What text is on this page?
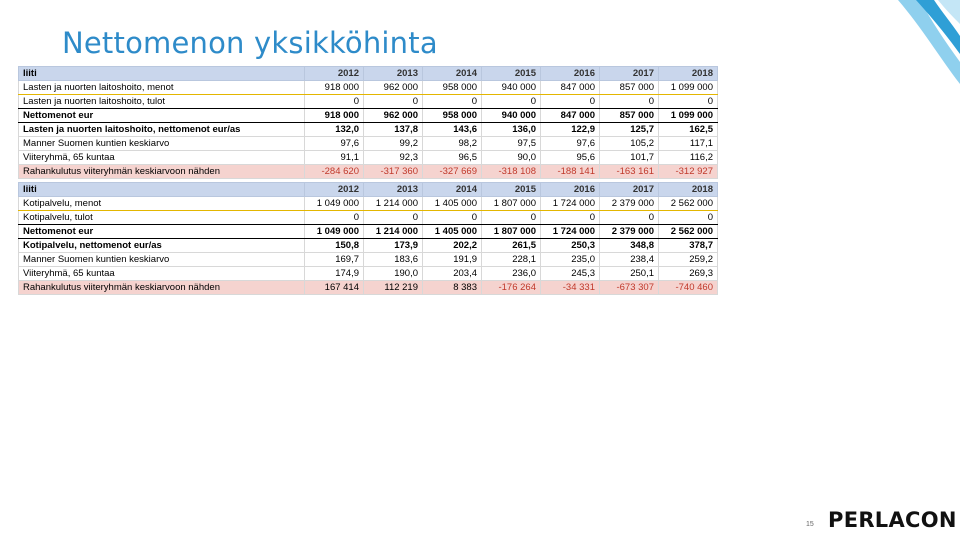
Nettomenon yksikköhinta
liiti	2012	2013	2014	2015	2016	2017	2018
Lasten ja nuorten laitoshoito, menot	918 000	962 000	958 000	940 000	847 000	857 000	1 099 000
Lasten ja nuorten laitoshoito, tulot	0	0	0	0	0	0	0
Nettomenot eur	918 000	962 000	958 000	940 000	847 000	857 000	1 099 000
Lasten ja nuorten laitoshoito, nettomenot eur/as	132,0	137,8	143,6	136,0	122,9	125,7	162,5
Manner Suomen kuntien keskiarvo	97,6	99,2	98,2	97,5	97,6	105,2	117,1
Viiteryhmä, 65 kuntaa	91,1	92,3	96,5	90,0	95,6	101,7	116,2
Rahankulutus viiteryhmän keskiarvoon nähden	-284 620	-317 360	-327 669	-318 108	-188 141	-163 161	-312 927
liiti	2012	2013	2014	2015	2016	2017	2018
Kotipalvelu, menot	1 049 000	1 214 000	1 405 000	1 807 000	1 724 000	2 379 000	2 562 000
Kotipalvelu, tulot	0	0	0	0	0	0	0
Nettomenot eur	1 049 000	1 214 000	1 405 000	1 807 000	1 724 000	2 379 000	2 562 000
Kotipalvelu, nettomenot eur/as	150,8	173,9	202,2	261,5	250,3	348,8	378,7
Manner Suomen kuntien keskiarvo	169,7	183,6	191,9	228,1	235,0	238,4	259,2
Viiteryhmä, 65 kuntaa	174,9	190,0	203,4	236,0	245,3	250,1	269,3
Rahankulutus viiteryhmän keskiarvoon nähden	167 414	112 219	8 383	-176 264	-34 331	-673 307	-740 460
15 PERLACON
